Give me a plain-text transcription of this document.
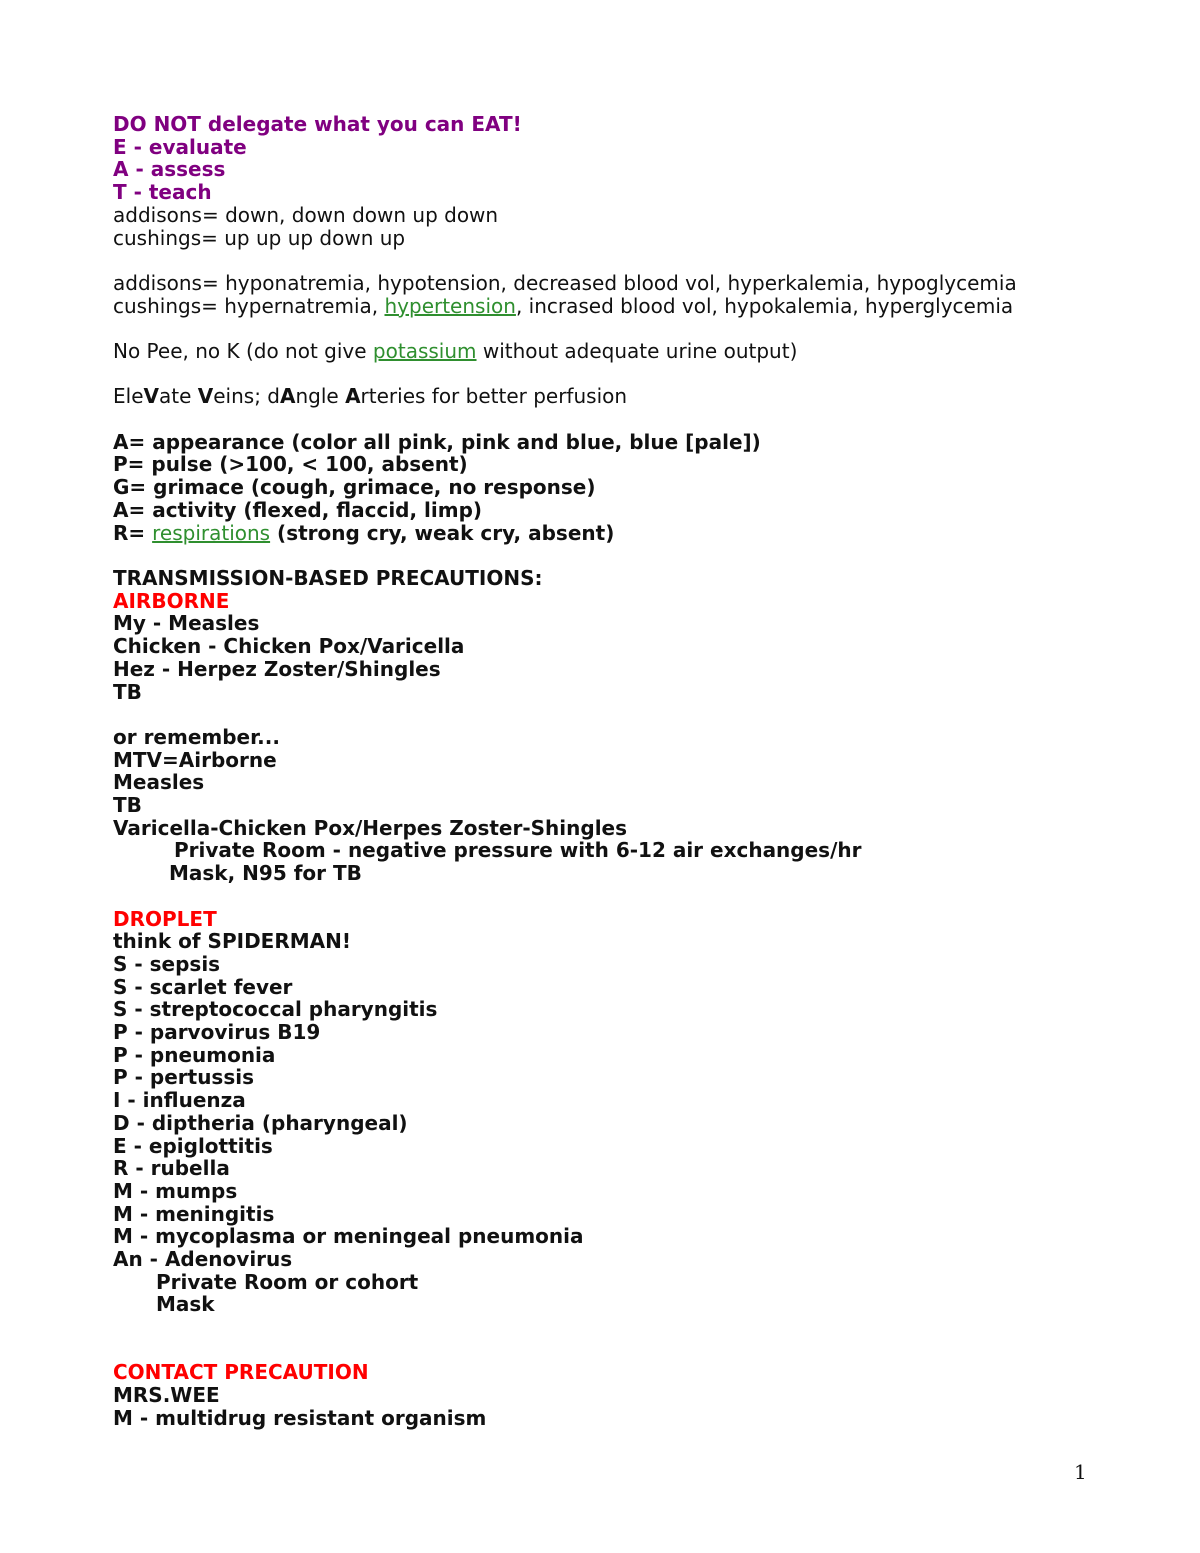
DO NOT delegate what you can EAT!
E - evaluate
A - assess
T - teach
addisons= down, down down up down
cushings= up up up down up
addisons= hyponatremia, hypotension, decreased blood vol, hyperkalemia, hypoglycemia
cushings= hypernatremia, hypertension, incrased blood vol, hypokalemia, hyperglycemia
No Pee, no K (do not give potassium without adequate urine output)
EleVate Veins; dAngle Arteries for better perfusion
A= appearance (color all pink, pink and blue, blue [pale])
P= pulse (>100, < 100, absent)
G= grimace (cough, grimace, no response)
A= activity (flexed, flaccid, limp)
R= respirations (strong cry, weak cry, absent)
TRANSMISSION-BASED PRECAUTIONS:
AIRBORNE
My - Measles
Chicken - Chicken Pox/Varicella
Hez - Herpez Zoster/Shingles
TB
or remember...
MTV=Airborne
Measles
TB
Varicella-Chicken Pox/Herpes Zoster-Shingles
Private Room - negative pressure with 6-12 air exchanges/hr
Mask, N95 for TB
DROPLET
think of SPIDERMAN!
S - sepsis
S - scarlet fever
S - streptococcal pharyngitis
P - parvovirus B19
P - pneumonia
P - pertussis
I - influenza
D - diptheria (pharyngeal)
E - epiglottitis
R - rubella
M - mumps
M - meningitis
M - mycoplasma or meningeal pneumonia
An - Adenovirus
Private Room or cohort
Mask
CONTACT PRECAUTION
MRS.WEE
M - multidrug resistant organism
1
